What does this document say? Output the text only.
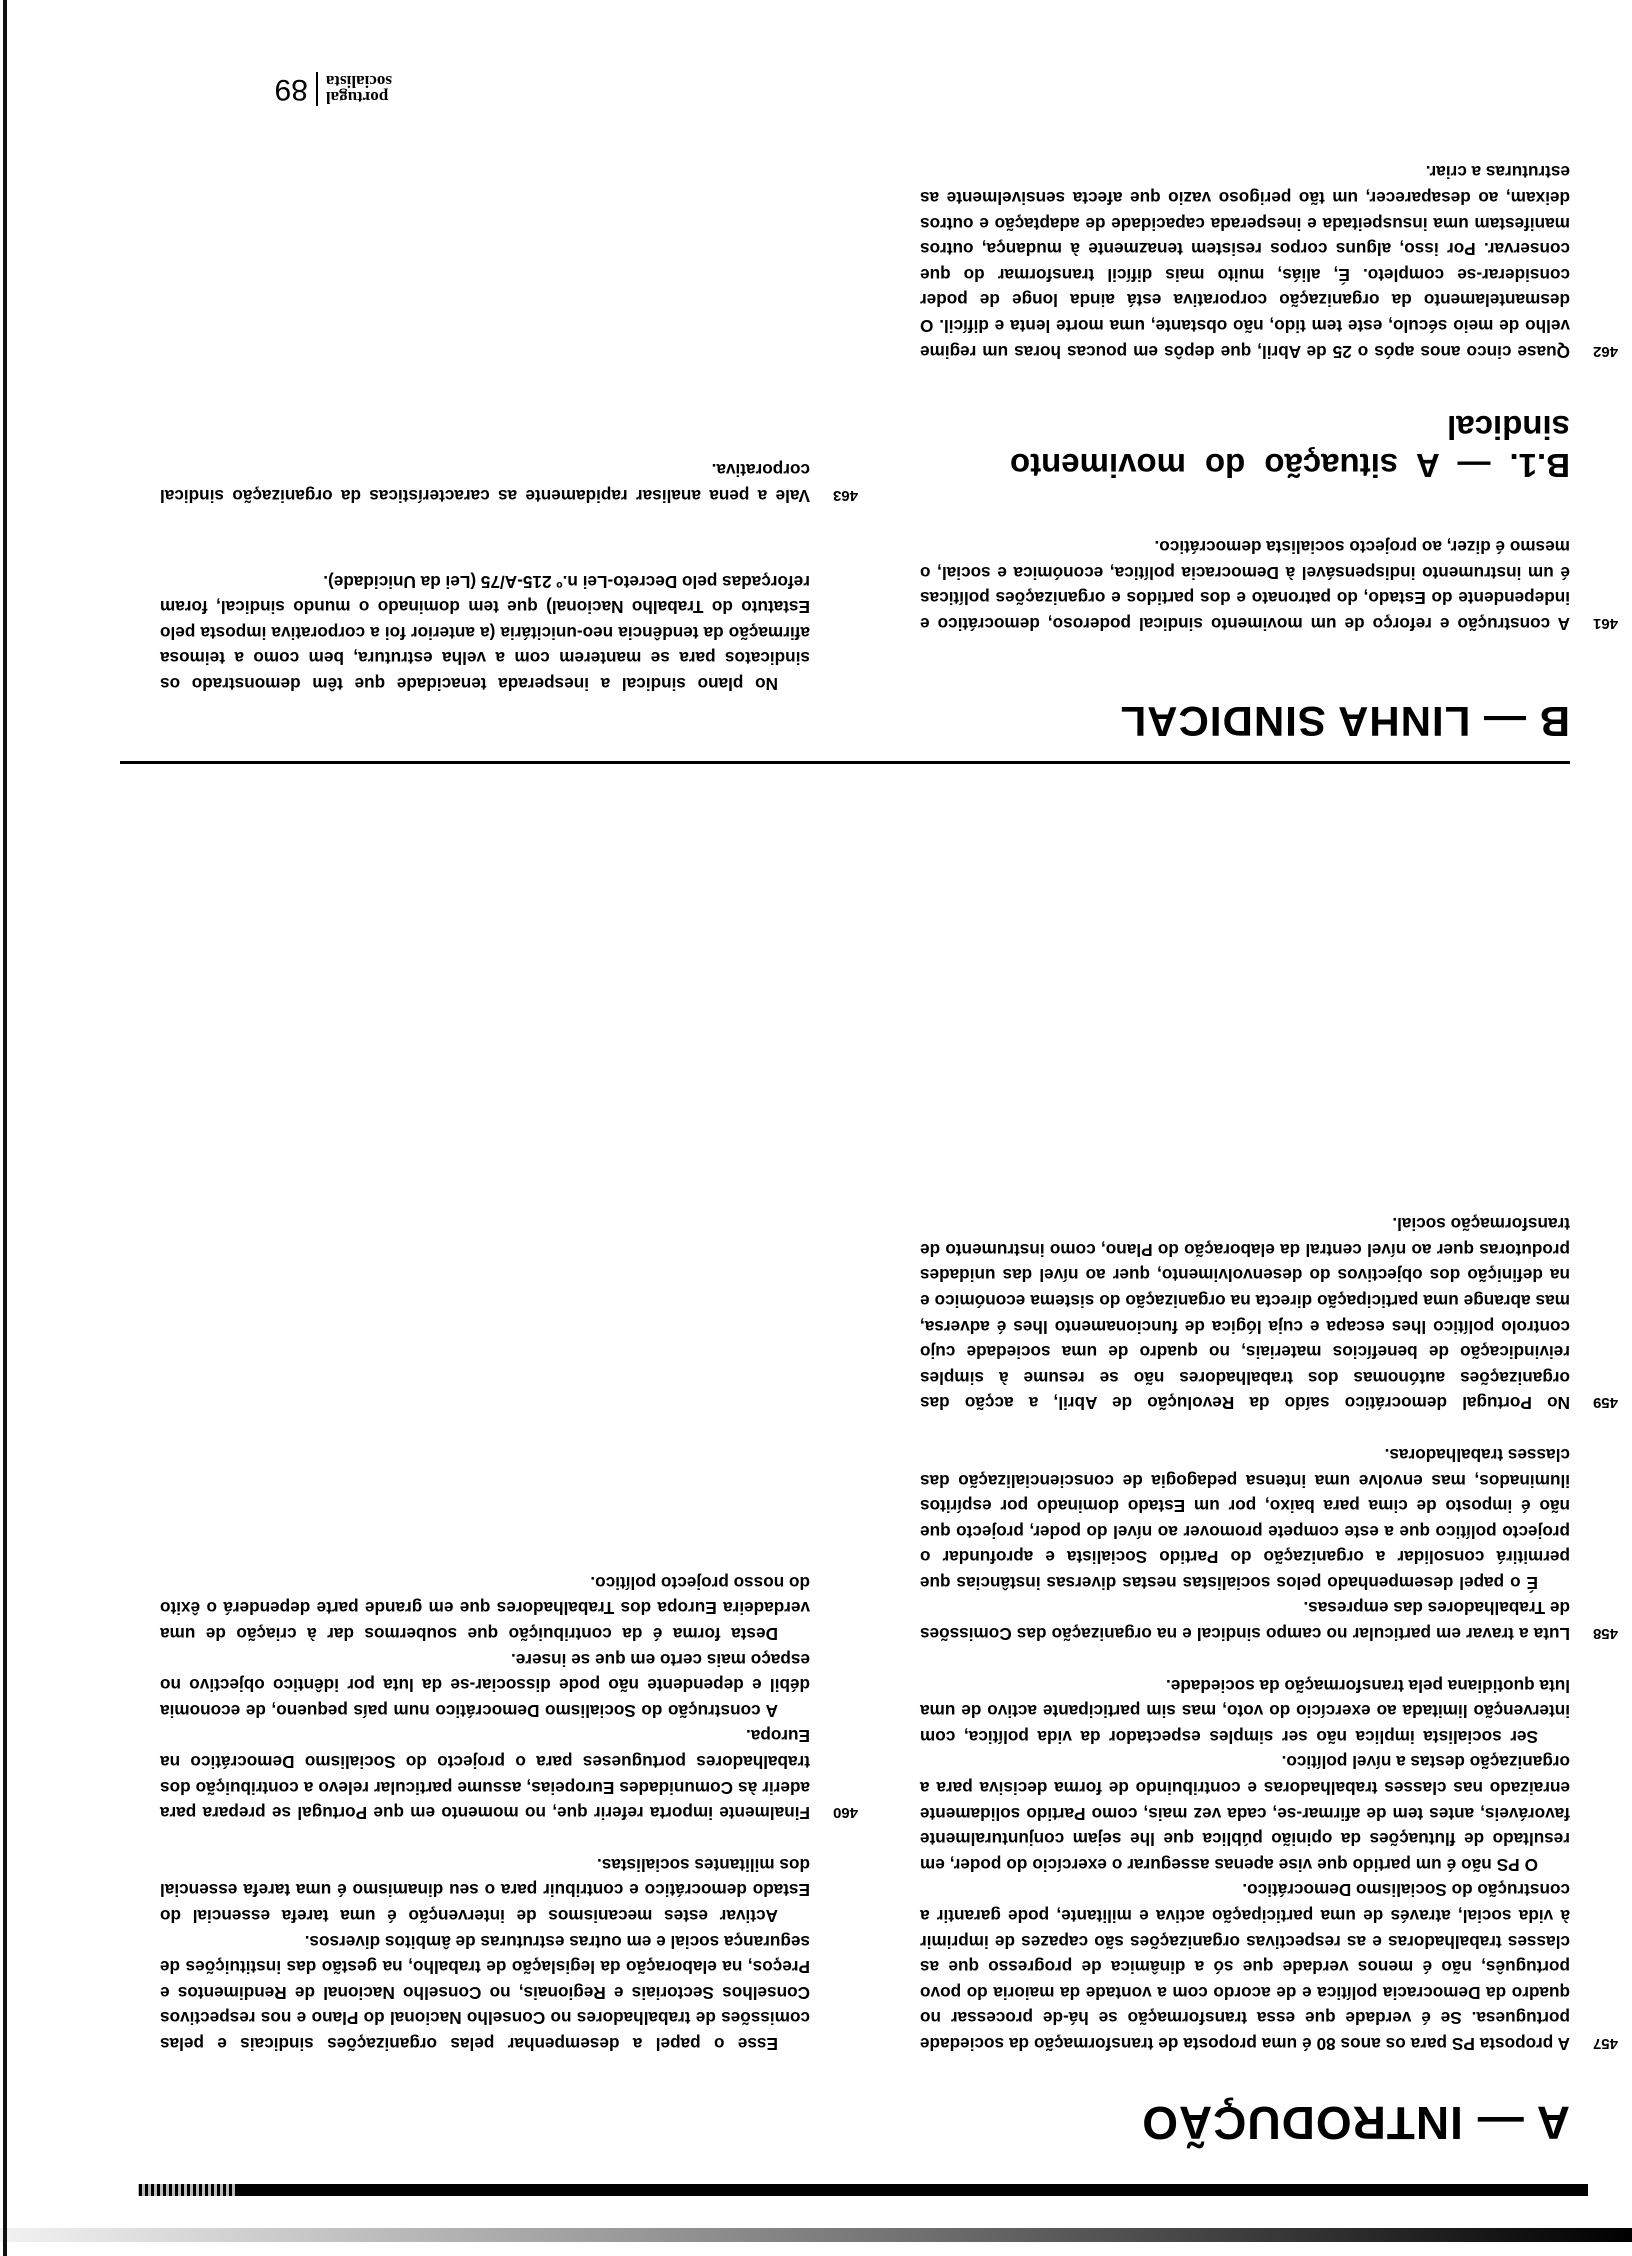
A — INTRODUÇÃO

457
A proposta PS para os anos 80 é uma proposta de transformação da sociedade portuguesa. Se é verdade que essa transformação se há-de processar no quadro da Democracia política e de acordo com a vontade da maioria do povo português, não é menos verdade que só a dinâmica de progresso que as classes trabalhadoras e as respectivas organizações são capazes de imprimir à vida social, através de uma participação activa e militante, pode garantir a construção do Socialismo Democrático.

O PS não é um partido que vise apenas assegurar o exercício do poder, em resultado de flutuações da opinião pública que lhe sejam conjunturalmente favoráveis, antes tem de afirmar-se, cada vez mais, como Partido solidamente enraizado nas classes trabalhadoras e contribuindo de forma decisiva para a organização destas a nível político.

Ser socialista implica não ser simples espectador da vida política, com intervenção limitada ao exercício do voto, mas sim participante activo de uma luta quotidiana pela transformação da sociedade.

458
Luta a travar em particular no campo sindical e na organização das Comissões de Trabalhadores das empresas.

É o papel desempenhado pelos socialistas nestas diversas instâncias que permitirá consolidar a organização do Partido Socialista e aprofundar o projecto político que a este compete promover ao nível do poder, projecto que não é imposto de cima para baixo, por um Estado dominado por espíritos iluminados, mas envolve uma intensa pedagogia de consciencialização das classes trabalhadoras.

459
No Portugal democrático saído da Revolução de Abril, a acção das organizações autónomas dos trabalhadores não se resume à simples reivindicação de benefícios materiais, no quadro de uma sociedade cujo controlo político lhes escapa e cuja lógica de funcionamento lhes é adversa, mas abrange uma participação directa na organização do sistema económico e na definição dos objectivos do desenvolvimento, quer ao nível das unidades produtoras quer ao nível central da elaboração do Plano, como instrumento de transformação social.

Esse o papel a desempenhar pelas organizações sindicais e pelas comissões de trabalhadores no Conselho Nacional do Plano e nos respectivos Conselhos Sectoriais e Regionais, no Conselho Nacional de Rendimentos e Preços, na elaboração da legislação de trabalho, na gestão das instituições de segurança social e em outras estruturas de âmbitos diversos.

Activar estes mecanismos de intervenção é uma tarefa essencial do Estado democrático e contribuir para o seu dinamismo é uma tarefa essencial dos militantes socialistas.

460
Finalmente importa referir que, no momento em que Portugal se prepara para aderir às Comunidades Europeias, assume particular relevo a contribuição dos trabalhadores portugueses para o projecto do Socialismo Democrático na Europa.

A construção do Socialismo Democrático num país pequeno, de economia débil e dependente não pode dissociar-se da luta por idêntico objectivo no espaço mais certo em que se insere.

Desta forma é da contribuição que soubermos dar à criação de uma verdadeira Europa dos Trabalhadores que em grande parte dependerá o êxito do nosso projecto político.

B — LINHA SINDICAL

461
A construção e reforço de um movimento sindical poderoso, democrático e independente do Estado, do patronato e dos partidos e organizações políticas é um instrumento indispensável à Democracia política, económica e social, o mesmo é dizer, ao projecto socialista democrático.

B.1. — A situação do movimento sindical

462
Quase cinco anos após o 25 de Abril, que depôs em poucas horas um regime velho de meio século, este tem tido, não obstante, uma morte lenta e difícil. O desmantelamento da organização corporativa está ainda longe de poder considerar-se completo. É, aliás, muito mais difícil transformar do que conservar. Por isso, alguns corpos resistem tenazmente à mudança, outros manifestam uma insuspeitada e inesperada capacidade de adaptação e outros deixam, ao desaparecer, um tão perigoso vazio que afecta sensivelmente as estruturas a criar.

No plano sindical a inesperada tenacidade que têm demonstrado os sindicatos para se manterem com a velha estrutura, bem como a teimosa afirmação da tendência neo-unicitária (a anterior foi a corporativa imposta pelo Estatuto do Trabalho Nacional) que tem dominado o mundo sindical, foram reforçadas pelo Decreto-Lei n.º 215-A/75 (Lei da Unicidade).

463
Vale a pena analisar rapidamente as características da organização sindical corporativa.

portugal
socialista
89
